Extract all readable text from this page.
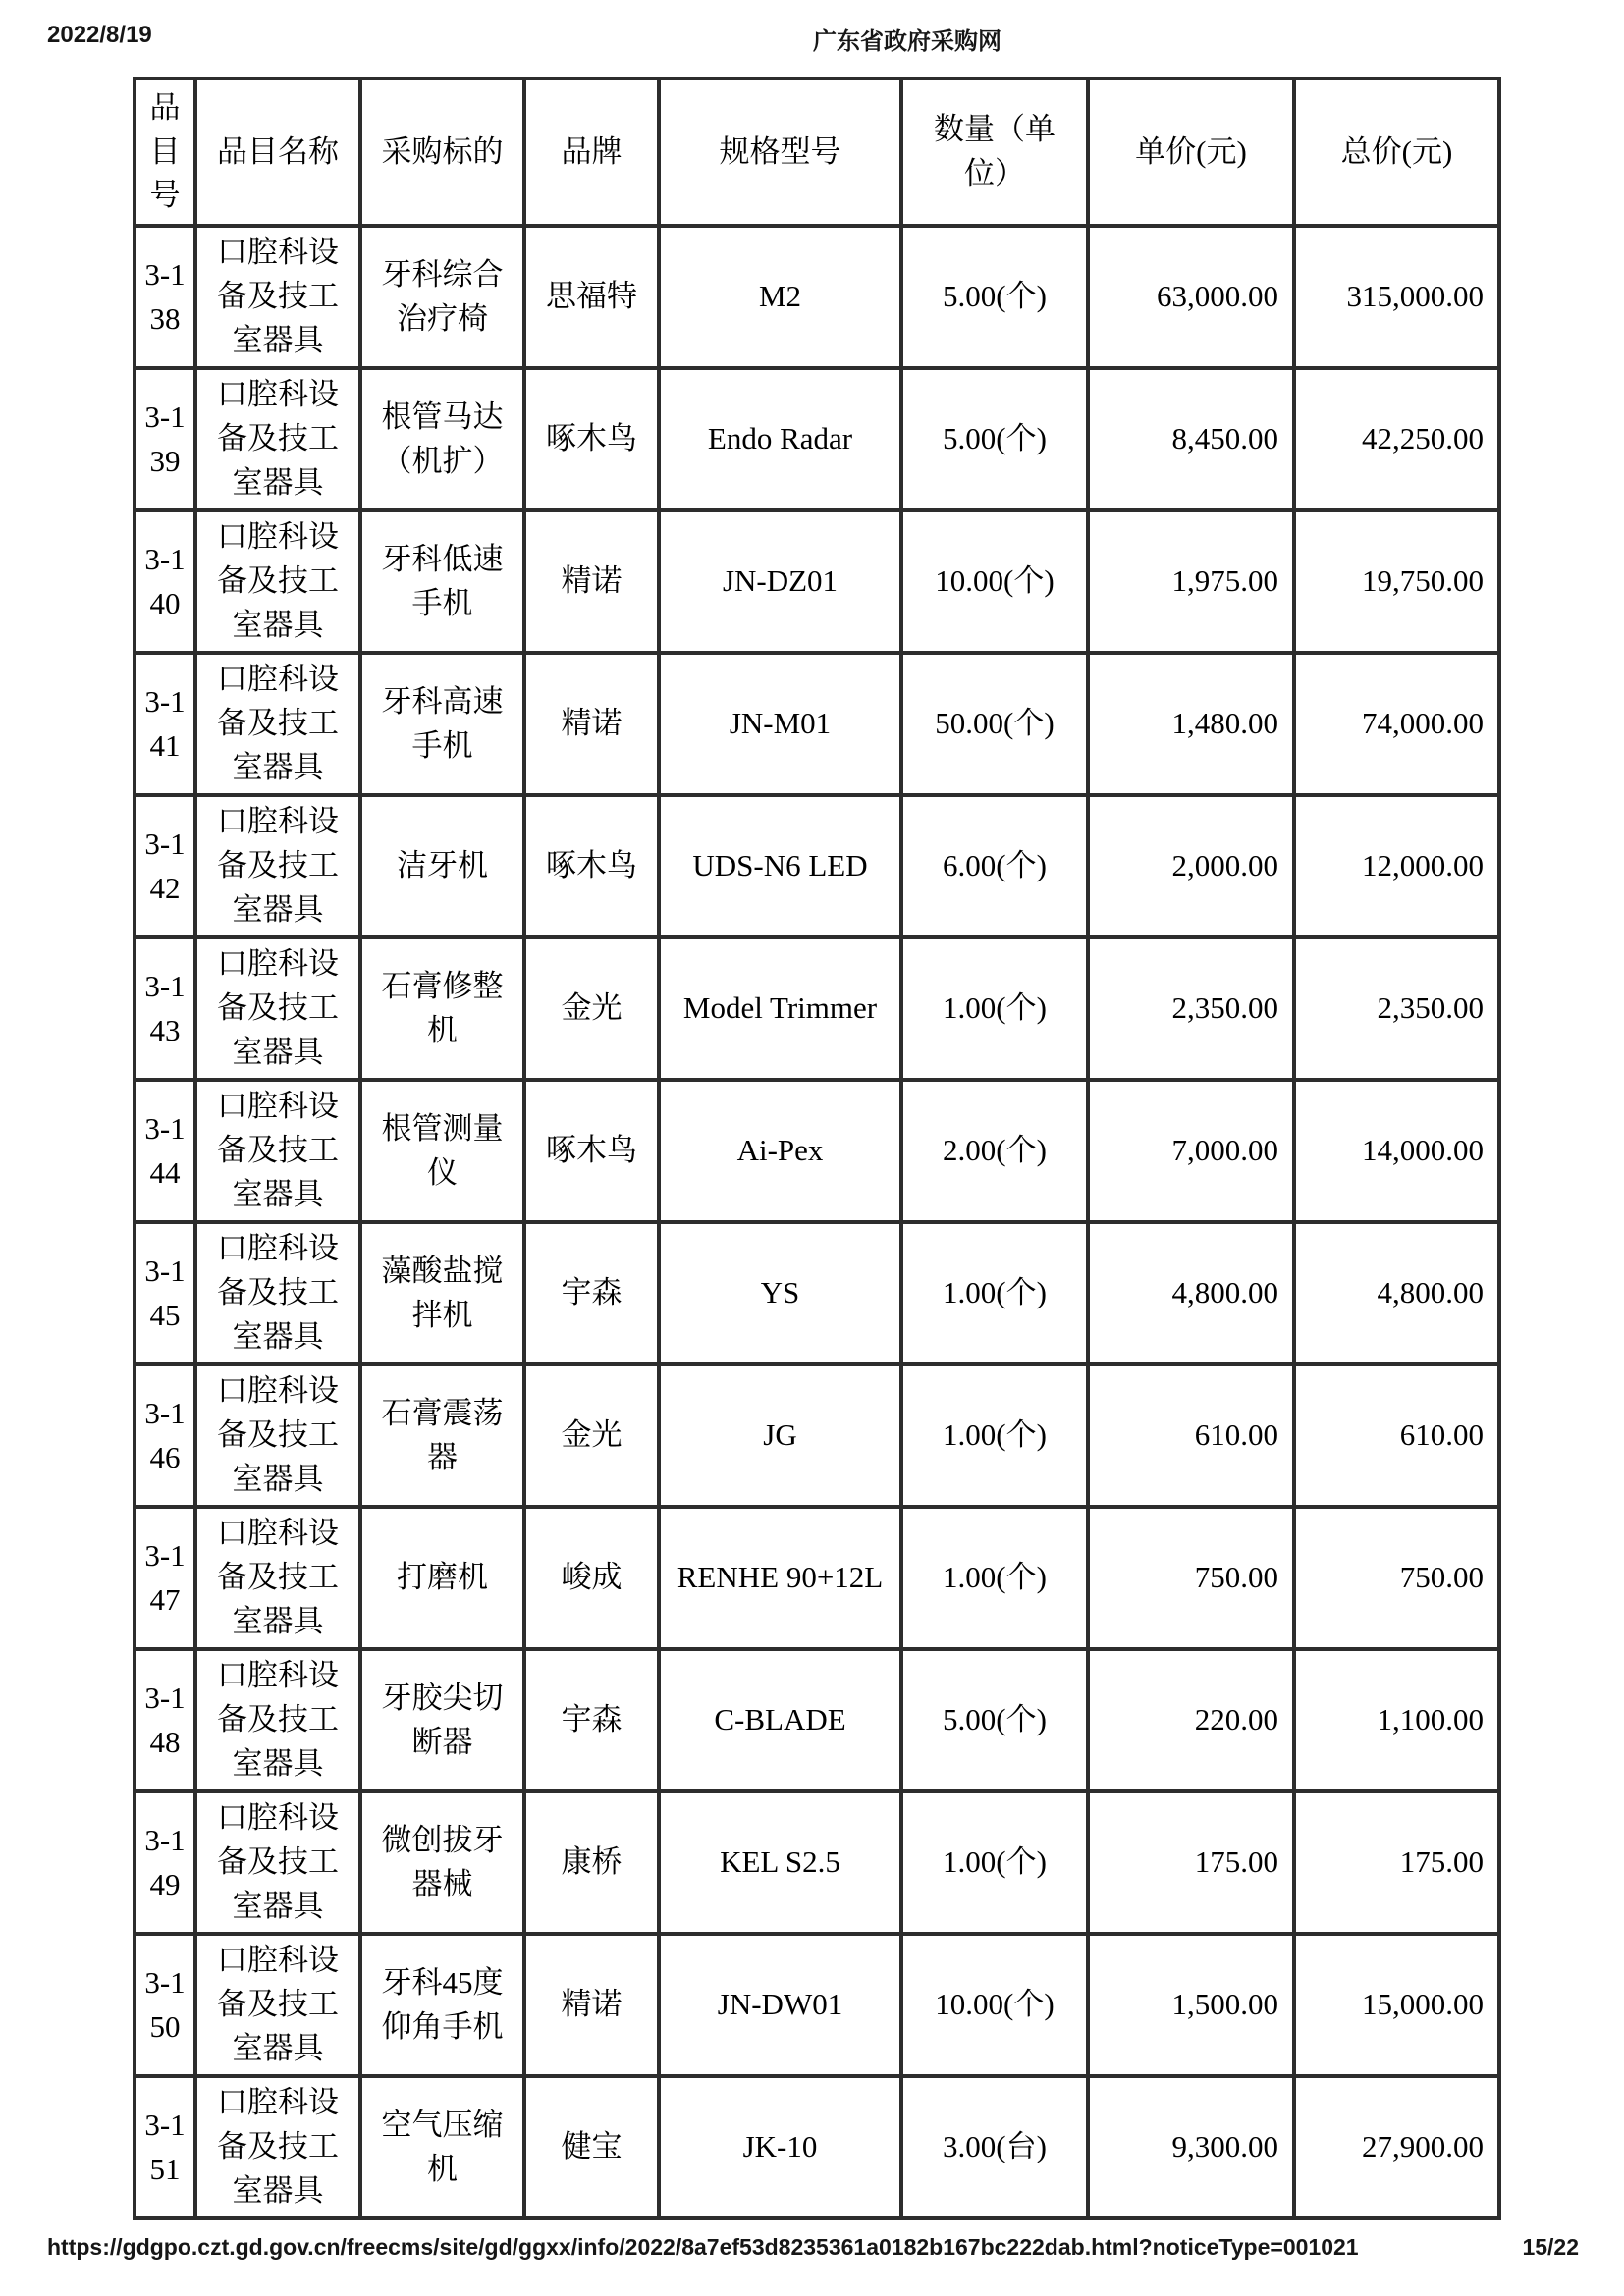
2022/8/19	广东省政府采购网
品目号	品目名称	采购标的	品牌	规格型号	数量（单位）	单价(元)	总价(元)
3-138	口腔科设备及技工室器具	牙科综合治疗椅	思福特	M2	5.00(个)	63,000.00	315,000.00
3-139	口腔科设备及技工室器具	根管马达（机扩）	啄木鸟	Endo Radar	5.00(个)	8,450.00	42,250.00
3-140	口腔科设备及技工室器具	牙科低速手机	精诺	JN-DZ01	10.00(个)	1,975.00	19,750.00
3-141	口腔科设备及技工室器具	牙科高速手机	精诺	JN-M01	50.00(个)	1,480.00	74,000.00
3-142	口腔科设备及技工室器具	洁牙机	啄木鸟	UDS-N6 LED	6.00(个)	2,000.00	12,000.00
3-143	口腔科设备及技工室器具	石膏修整机	金光	Model Trimmer	1.00(个)	2,350.00	2,350.00
3-144	口腔科设备及技工室器具	根管测量仪	啄木鸟	Ai-Pex	2.00(个)	7,000.00	14,000.00
3-145	口腔科设备及技工室器具	藻酸盐搅拌机	宇森	YS	1.00(个)	4,800.00	4,800.00
3-146	口腔科设备及技工室器具	石膏震荡器	金光	JG	1.00(个)	610.00	610.00
3-147	口腔科设备及技工室器具	打磨机	峻成	RENHE 90+12L	1.00(个)	750.00	750.00
3-148	口腔科设备及技工室器具	牙胶尖切断器	宇森	C-BLADE	5.00(个)	220.00	1,100.00
3-149	口腔科设备及技工室器具	微创拔牙器械	康桥	KEL S2.5	1.00(个)	175.00	175.00
3-150	口腔科设备及技工室器具	牙科45度仰角手机	精诺	JN-DW01	10.00(个)	1,500.00	15,000.00
3-151	口腔科设备及技工室器具	空气压缩机	健宝	JK-10	3.00(台)	9,300.00	27,900.00
https://gdgpo.czt.gd.gov.cn/freecms/site/gd/ggxx/info/2022/8a7ef53d8235361a0182b167bc222dab.html?noticeType=001021	15/22
